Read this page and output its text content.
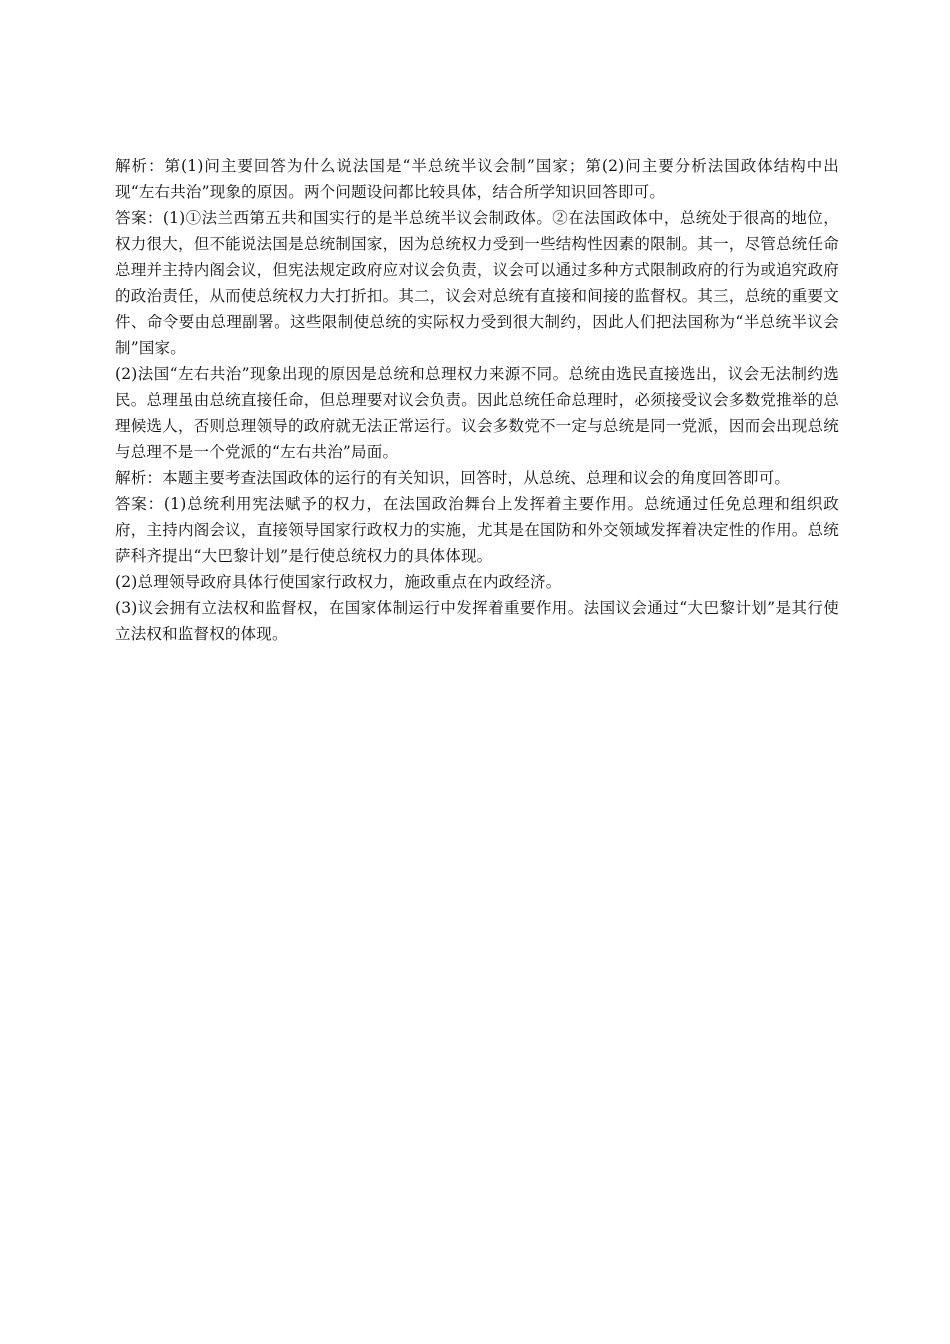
解析：第(1)问主要回答为什么说法国是“半总统半议会制”国家；第(2)问主要分析法国政体结构中出现“左右共治”现象的原因。两个问题设问都比较具体，结合所学知识回答即可。

答案：(1)①法兰西第五共和国实行的是半总统半议会制政体。②在法国政体中，总统处于很高的地位，权力很大，但不能说法国是总统制国家，因为总统权力受到一些结构性因素的限制。其一，尽管总统任命总理并主持内阁会议，但宪法规定政府应对议会负责，议会可以通过多种方式限制政府的行为或追究政府的政治责任，从而使总统权力大打折扣。其二，议会对总统有直接和间接的监督权。其三，总统的重要文件、命令要由总理副署。这些限制使总统的实际权力受到很大制约，因此人们把法国称为“半总统半议会制”国家。

(2)法国“左右共治”现象出现的原因是总统和总理权力来源不同。总统由选民直接选出，议会无法制约选民。总理虽由总统直接任命，但总理要对议会负责。因此总统任命总理时，必须接受议会多数党推举的总理候选人，否则总理领导的政府就无法正常运行。议会多数党不一定与总统是同一党派，因而会出现总统与总理不是一个党派的“左右共治”局面。

解析：本题主要考查法国政体的运行的有关知识，回答时，从总统、总理和议会的角度回答即可。

答案：(1)总统利用宪法赋予的权力，在法国政治舞台上发挥着主要作用。总统通过任免总理和组织政府，主持内阁会议，直接领导国家行政权力的实施，尤其是在国防和外交领域发挥着决定性的作用。总统萨科齐提出“大巴黎计划”是行使总统权力的具体体现。

(2)总理领导政府具体行使国家行政权力，施政重点在内政经济。

(3)议会拥有立法权和监督权，在国家体制运行中发挥着重要作用。法国议会通过“大巴黎计划”是其行使立法权和监督权的体现。
